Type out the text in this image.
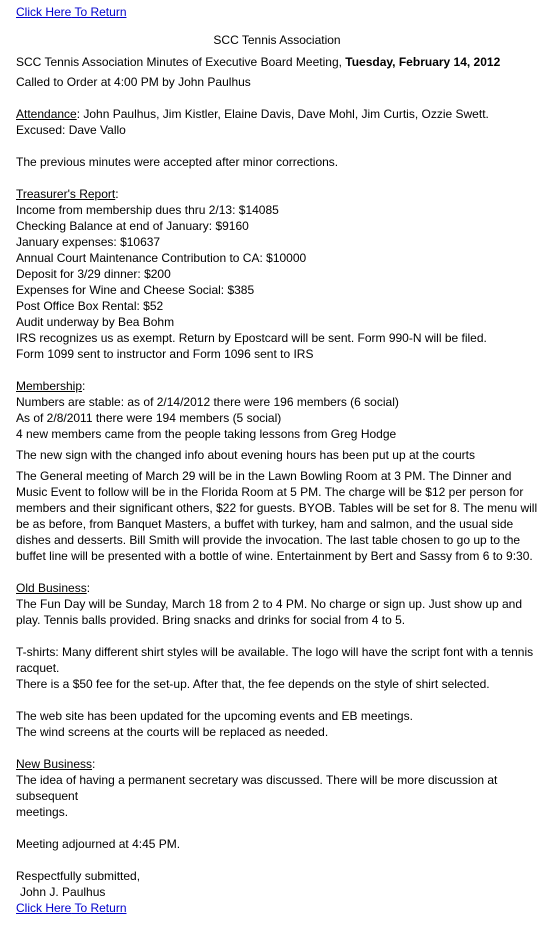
Click Here To Return
SCC Tennis Association
SCC Tennis Association Minutes of Executive Board Meeting, Tuesday, February 14, 2012
Called to Order at 4:00 PM by John Paulhus
Attendance: John Paulhus, Jim Kistler, Elaine Davis, Dave Mohl, Jim Curtis, Ozzie Swett.
Excused: Dave Vallo
The previous minutes were accepted after minor corrections.
Treasurer's Report:
Income from membership dues thru 2/13: $14085
Checking Balance at end of January: $9160
January expenses: $10637
Annual Court Maintenance Contribution to CA: $10000
Deposit for 3/29 dinner: $200
Expenses for Wine and Cheese Social: $385
Post Office Box Rental: $52
Audit underway by Bea Bohm
IRS recognizes us as exempt. Return by Epostcard will be sent. Form 990-N will be filed.
Form 1099 sent to instructor and Form 1096 sent to IRS
Membership:
Numbers are stable: as of 2/14/2012 there were 196 members (6 social)
As of 2/8/2011 there were 194 members (5 social)
4 new members came from the people taking lessons from Greg Hodge
The new sign with the changed info about evening hours has been put up at the courts
The General meeting of March 29 will be in the Lawn Bowling Room at 3 PM. The Dinner and Music Event to follow will be in the Florida Room at 5 PM. The charge will be $12 per person for members and their significant others, $22 for guests. BYOB. Tables will be set for 8. The menu will be as before, from Banquet Masters, a buffet with turkey, ham and salmon, and the usual side dishes and desserts. Bill Smith will provide the invocation. The last table chosen to go up to the buffet line will be presented with a bottle of wine. Entertainment by Bert and Sassy from 6 to 9:30.
Old Business:
The Fun Day will be Sunday, March 18 from 2 to 4 PM. No charge or sign up. Just show up and play. Tennis balls provided. Bring snacks and drinks for social from 4 to 5.
T-shirts: Many different shirt styles will be available. The logo will have the script font with a tennis racquet.
There is a $50 fee for the set-up. After that, the fee depends on the style of shirt selected.
The web site has been updated for the upcoming events and EB meetings.
The wind screens at the courts will be replaced as needed.
New Business:
The idea of having a permanent secretary was discussed. There will be more discussion at
subsequent
meetings.
Meeting adjourned at 4:45 PM.
Respectfully submitted,
John J. Paulhus
Click Here To Return
